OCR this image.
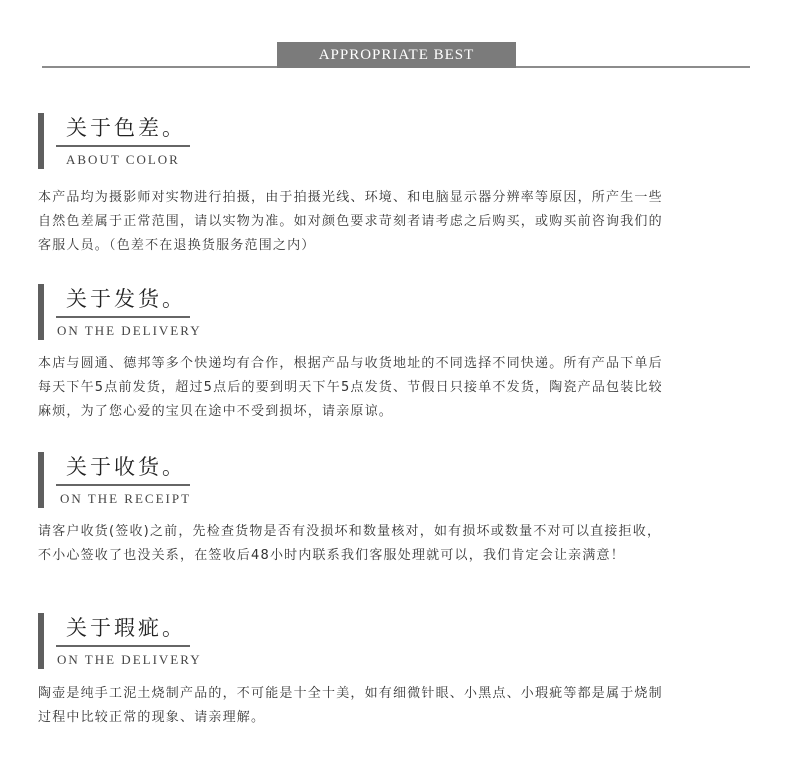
APPROPRIATE BEST
关于色差。
ABOUT COLOR
本产品均为摄影师对实物进行拍摄，由于拍摄光线、环境、和电脑显示器分辨率等原因，所产生一些
自然色差属于正常范围，请以实物为准。如对颜色要求苛刻者请考虑之后购买，或购买前咨询我们的
客服人员。（色差不在退换货服务范围之内）
关于发货。
ON THE DELIVERY
本店与圆通、德邦等多个快递均有合作，根据产品与收货地址的不同选择不同快递。所有产品下单后
每天下午5点前发货，超过5点后的要到明天下午5点发货、节假日只接单不发货，陶瓷产品包装比较
麻烦，为了您心爱的宝贝在途中不受到损坏，请亲原谅。
关于收货。
ON THE RECEIPT
请客户收货(签收)之前，先检查货物是否有没损坏和数量核对，如有损坏或数量不对可以直接拒收，
不小心签收了也没关系，在签收后48小时内联系我们客服处理就可以，我们肯定会让亲满意！
关于瑕疵。
ON THE DELIVERY
陶壶是纯手工泥土烧制产品的，不可能是十全十美，如有细微针眼、小黑点、小瑕疵等都是属于烧制
过程中比较正常的现象、请亲理解。
